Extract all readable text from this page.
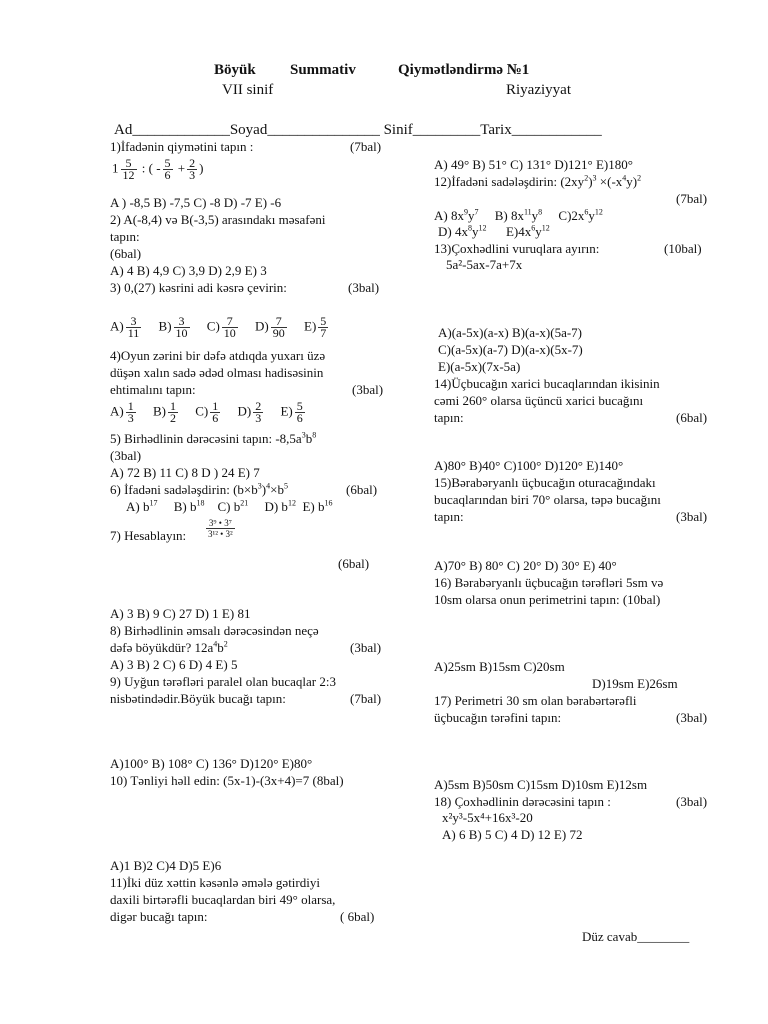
Böyük Summativ	Qiymətləndirmə №1
VII sinif	Riyaziyyat
Ad_____________Soyad_______________ Sinif_________Tarix____________
1)İfadənin qiymətini tapın :	(7bal)
$1 \frac{5}{12}$ : ( - $\frac{5}{6} + \frac{2}{3}$ )
A ) -8,5 B) -7,5 C) -8 D) -7 E) -6
2) A(-8,4) və B(-3,5) arasındakı məsafəni
tapın:
(6bal)
A) 4 B) 4,9 C) 3,9 D) 2,9 E) 3
3) 0,(27) kəsrini adi kəsrə çevirin:	(3bal)
$A) \frac{3}{11} B) \frac{3}{10} C) \frac{7}{10} D) \frac{7}{90} E) \frac{5}{7}$
4)Oyun zərini bir dəfə atdıqda yuxarı üzə
düşən xalın sadə ədəd olması hadisəsinin
ehtimalını tapın:	(3bal)
$A) \frac{1}{3} B) \frac{1}{2} C) \frac{1}{6} D) \frac{2}{3} E) \frac{5}{6}$
5) Birhədlinin dərəcəsini tapın: $-8,5a^3b^8$
(3bal)
A) 72 B) 11 C) 8 D ) 24 E) 7
6) İfadəni sadələşdirin: $(b\times b^3)^4\times b^5$	(6bal)
A) $b^{17}$ B) $b^{18}$ C) $b^{21}$ D) $b^{12}$ E) $b^{16}$
7) Hesablayın: $\frac{\text{3⁹ • 3⁷}}{\text{3¹² • 3²}}$
(6bal)
A) 3 B) 9 C) 27 D) 1 E) 81
8) Birhədlinin əmsalı dərəcəsindən neçə
dəfə böyükdür? $12a^4b^2$	(3bal)
A) 3 B) 2 C) 6 D) 4 E) 5
9) Uyğun tərəfləri paralel olan bucaqlar 2:3
nisbətindədir.Böyük bucağı tapın:	(7bal)
A)100° B) 108° C) 136° D)120° E)80°
10) Tənliyi həll edin: (5x-1)-(3x+4)=7 (8bal)
A)1 B)2 C)4 D)5 E)6
11)İki düz xəttin kəsənlə əmələ gətirdiyi
daxili birtərəfli bucaqlardan biri 49° olarsa,
digər bucağı tapın:	( 6bal)
A) 49° B) 51° C) 131° D)121° E)180°
12)İfadəni sadələşdirin: $(2xy^2)^3 \times(-x^4y)^2$
(7bal)
A) $8x^9y^7$ B) $8x^{11}y^8$ $C)2x^6y^{12}$
D) $4x^8y^{12}$ $E)4x^6y^{12}$
13)Çoxhədlini vuruqlara ayırın:	(10bal)
5a²-5ax-7a+7x
A)(a-5x)(a-x) B)(a-x)(5a-7)
C)(a-5x)(a-7) D)(a-x)(5x-7)
E)(a-5x)(7x-5a)
14)Üçbucağın xarici bucaqlarından ikisinin
cəmi 260° olarsa üçüncü xarici bucağını
tapın:	(6bal)
A)80° B)40° C)100° D)120° E)140°
15)Bərabəryanlı üçbucağın oturacağındakı
bucaqlarından biri 70° olarsa, təpə bucağını
tapın:	(3bal)
A)70° B) 80° C) 20° D) 30° E) 40°
16) Bərabəryanlı üçbucağın tərəfləri 5sm və
10sm olarsa onun perimetrini tapın: (10bal)
A)25sm B)15sm C)20sm
D)19sm E)26sm
17) Perimetri 30 sm olan bərabərtərəfli
üçbucağın tərəfini tapın:	(3bal)
A)5sm B)50sm C)15sm D)10sm E)12sm
18) Çoxhədlinin dərəcəsini tapın :	(3bal)
x²y³-5x⁴+16x³-20
A) 6 B) 5 C) 4 D) 12 E) 72
Düz cavab________
